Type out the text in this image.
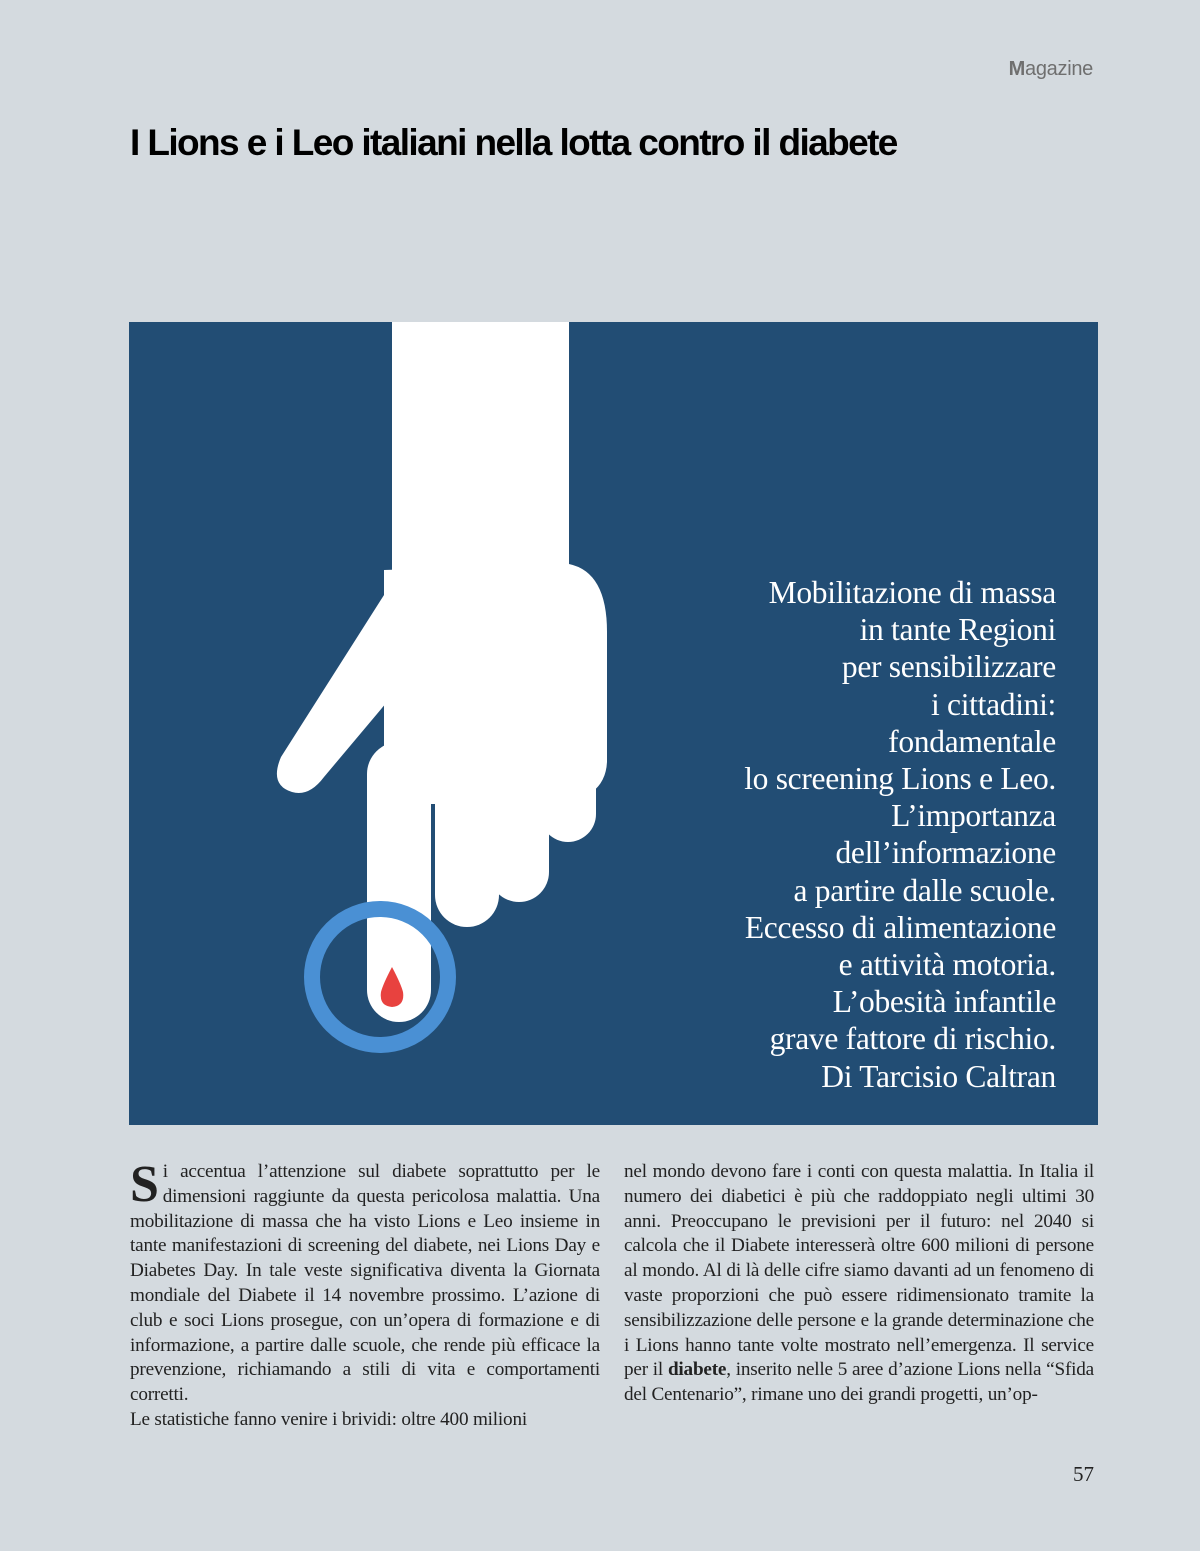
Magazine
I Lions e i Leo italiani nella lotta contro il diabete
Mobilitazione di massa
in tante Regioni
per sensibilizzare
i cittadini:
fondamentale
lo screening Lions e Leo.
L’importanza
dell’informazione
a partire dalle scuole.
Eccesso di alimentazione
e attività motoria.
L’obesità infantile
grave fattore di rischio.
Di Tarcisio Caltran

Si accentua l’attenzione sul diabete soprattutto per le dimensioni raggiunte da questa pericolosa malattia. Una mobilitazione di massa che ha visto Lions e Leo insieme in tante manifestazioni di screening del diabete, nei Lions Day e Diabetes Day. In tale veste significativa diventa la Giornata mondiale del Diabete il 14 novembre prossimo. L’azione di club e soci Lions prosegue, con un’opera di formazione e di informazione, a partire dalle scuole, che rende più efficace la prevenzione, richiamando a stili di vita e comportamenti corretti.

Le statistiche fanno venire i brividi: oltre 400 milioni

nel mondo devono fare i conti con questa malattia. In Italia il numero dei diabetici è più che raddoppiato negli ultimi 30 anni. Preoccupano le previsioni per il futuro: nel 2040 si calcola che il Diabete interesserà oltre 600 milioni di persone al mondo. Al di là delle cifre siamo davanti ad un fenomeno di vaste proporzioni che può essere ridimensionato tramite la sensibilizzazione delle persone e la grande determinazione che i Lions hanno tante volte mostrato nell’emergenza. Il service per il diabete, inserito nelle 5 aree d’azione Lions nella “Sfida del Centenario”, rimane uno dei grandi progetti, un’op-

57
